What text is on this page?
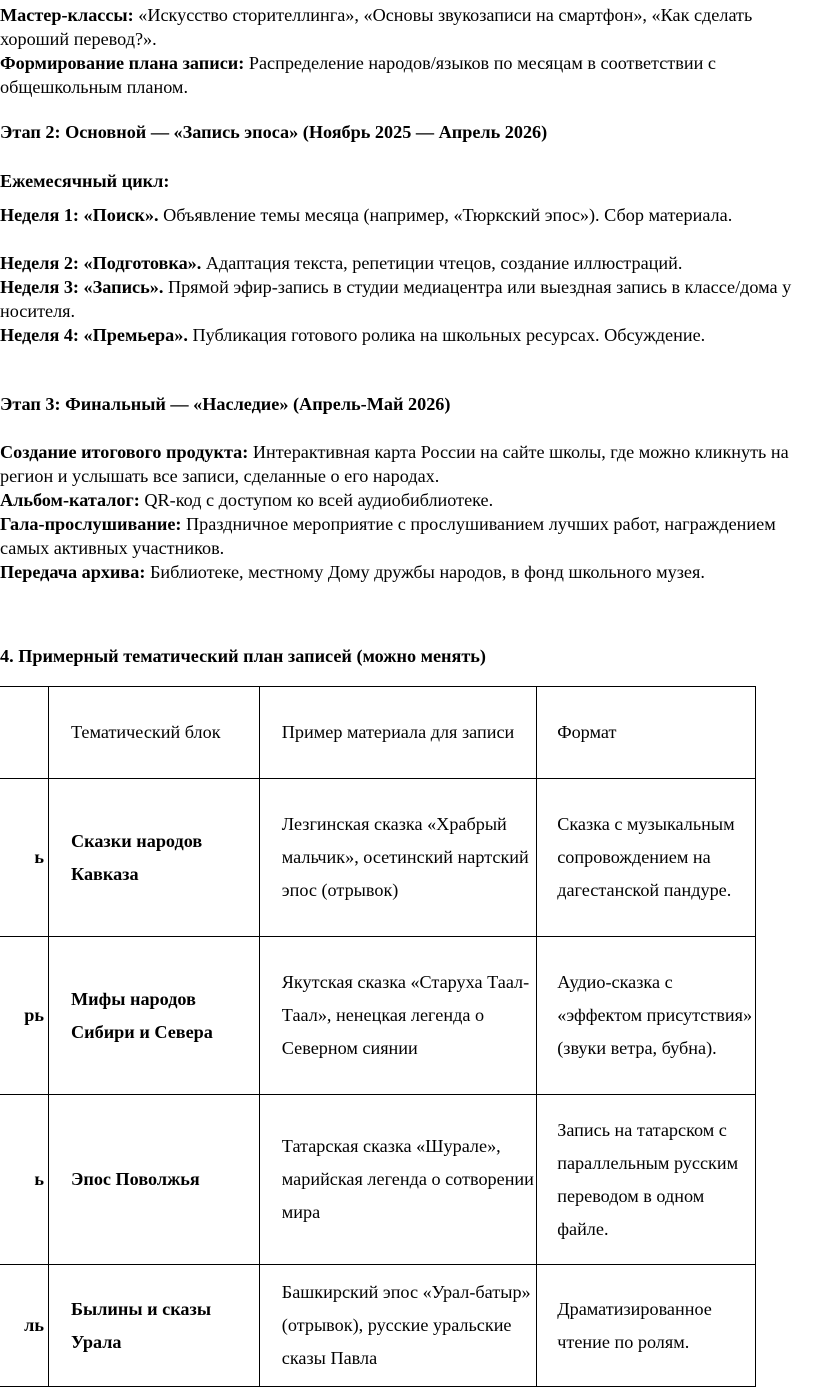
Мастер-классы: «Искусство сторителлинга», «Основы звукозаписи на смартфон», «Как сделать хороший перевод?».

Формирование плана записи: Распределение народов/языков по месяцам в соответствии с общешкольным планом.

Этап 2: Основной — «Запись эпоса» (Ноябрь 2025 — Апрель 2026)

Ежемесячный цикл:

Неделя 1: «Поиск». Объявление темы месяца (например, «Тюркский эпос»). Сбор материала.

Неделя 2: «Подготовка». Адаптация текста, репетиции чтецов, создание иллюстраций.

Неделя 3: «Запись». Прямой эфир-запись в студии медиацентра или выездная запись в классе/дома у носителя.

Неделя 4: «Премьера». Публикация готового ролика на школьных ресурсах. Обсуждение.

Этап 3: Финальный — «Наследие» (Апрель-Май 2026)

Создание итогового продукта: Интерактивная карта России на сайте школы, где можно кликнуть на регион и услышать все записи, сделанные о его народах.

Альбом-каталог: QR-код с доступом ко всей аудиобиблиотеке.

Гала-прослушивание: Праздничное мероприятие с прослушиванием лучших работ, награждением самых активных участников.

Передача архива: Библиотеке, местному Дому дружбы народов, в фонд школьного музея.

4. Примерный тематический план записей (можно менять)

	Тематический блок	Пример материала для записи	Формат
ь	Сказки народов Кавказа	Лезгинская сказка «Храбрый мальчик», осетинский нартский эпос (отрывок)	Сказка с музыкальным сопровождением на дагестанской пандуре.
рь	Мифы народов Сибири и Севера	Якутская сказка «Старуха Таал-Таал», ненецкая легенда о Северном сиянии	Аудио-сказка с «эффектом присутствия» (звуки ветра, бубна).
ь	Эпос Поволжья	Татарская сказка «Шурале», марийская легенда о сотворении мира	Запись на татарском с параллельным русским переводом в одном файле.
ль	Былины и сказы Урала	Башкирский эпос «Урал-батыр» (отрывок), русские уральские сказы Павла	Драматизированное чтение по ролям.
